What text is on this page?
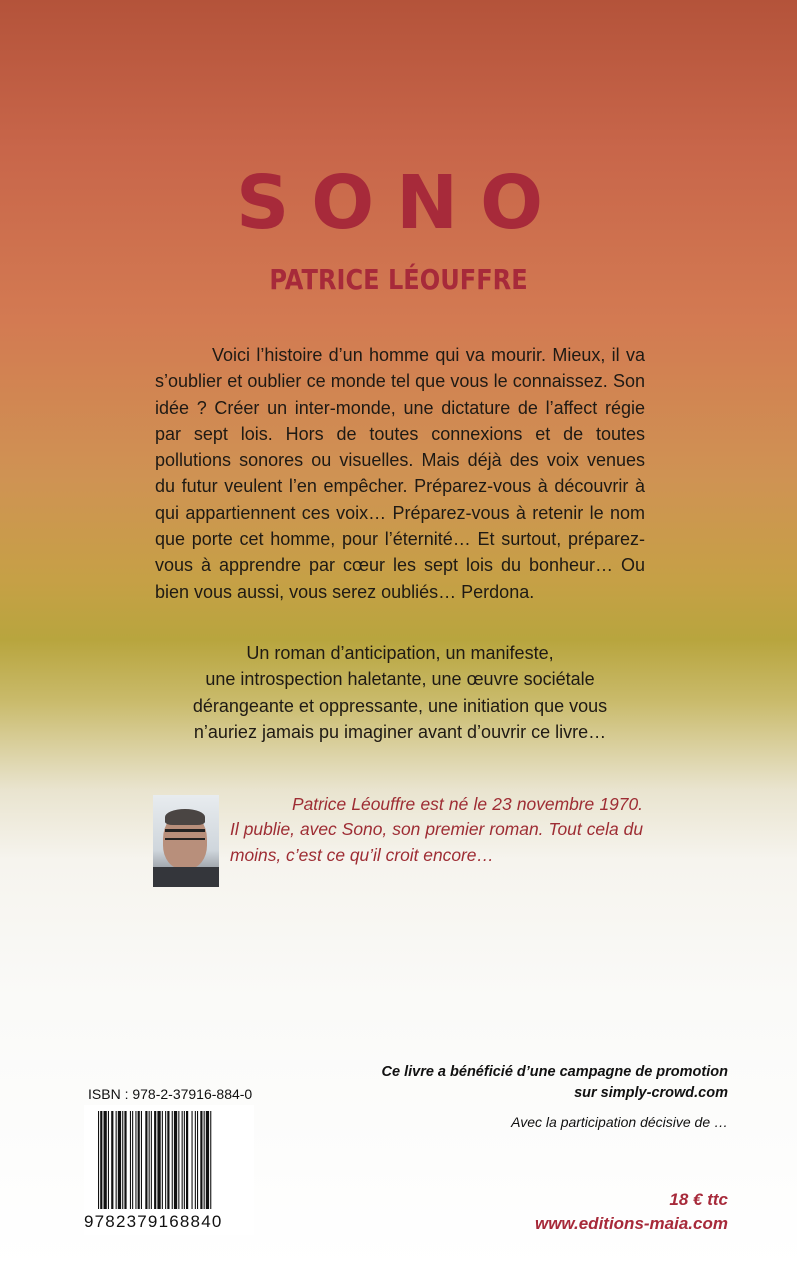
SONO
PATRICE LÉOUFFRE

Voici l’histoire d’un homme qui va mourir. Mieux, il va s’oublier et oublier ce monde tel que vous le connaissez. Son idée ? Créer un inter-monde, une dictature de l’affect régie par sept lois. Hors de toutes connexions et de toutes pollutions sonores ou visuelles. Mais déjà des voix venues du futur veulent l’en empêcher. Préparez-vous à découvrir à qui appartiennent ces voix… Préparez-vous à retenir le nom que porte cet homme, pour l’éternité… Et surtout, préparez-vous à apprendre par cœur les sept lois du bonheur… Ou bien vous aussi, vous serez oubliés… Perdona.

Un roman d’anticipation, un manifeste,
une introspection haletante, une œuvre sociétale
dérangeante et oppressante, une initiation que vous
n’auriez jamais pu imaginer avant d’ouvrir ce livre…

Patrice Léouffre est né le 23 novembre 1970. Il publie, avec Sono, son premier roman. Tout cela du moins, c’est ce qu’il croit encore…

ISBN : 978-2-37916-884-0
9782379168840
Ce livre a bénéficié d’une campagne de promotion
sur simply-crowd.com
Avec la participation décisive de …
18 € ttc
www.editions-maia.com
